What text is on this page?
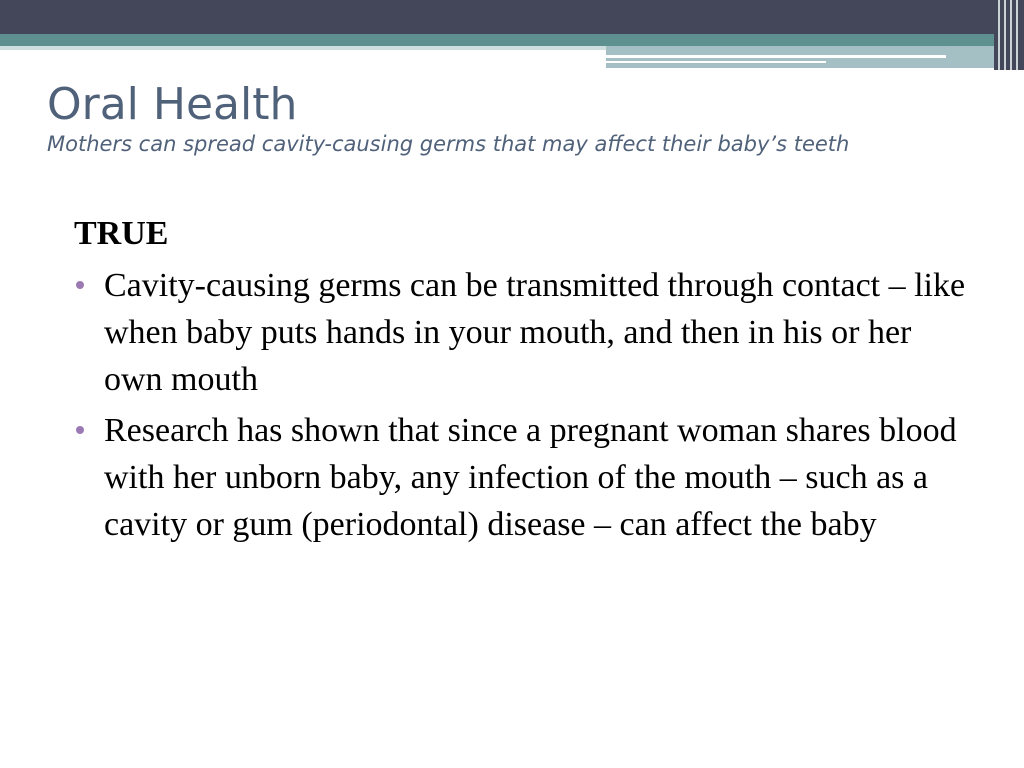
Oral Health

Mothers can spread cavity-causing germs that may affect their baby’s teeth

TRUE

Cavity-causing germs can be transmitted through contact – like when baby puts hands in your mouth, and then in his or her own mouth
Research has shown that since a pregnant woman shares blood with her unborn baby, any infection of the mouth – such as a cavity or gum (periodontal) disease – can affect the baby
